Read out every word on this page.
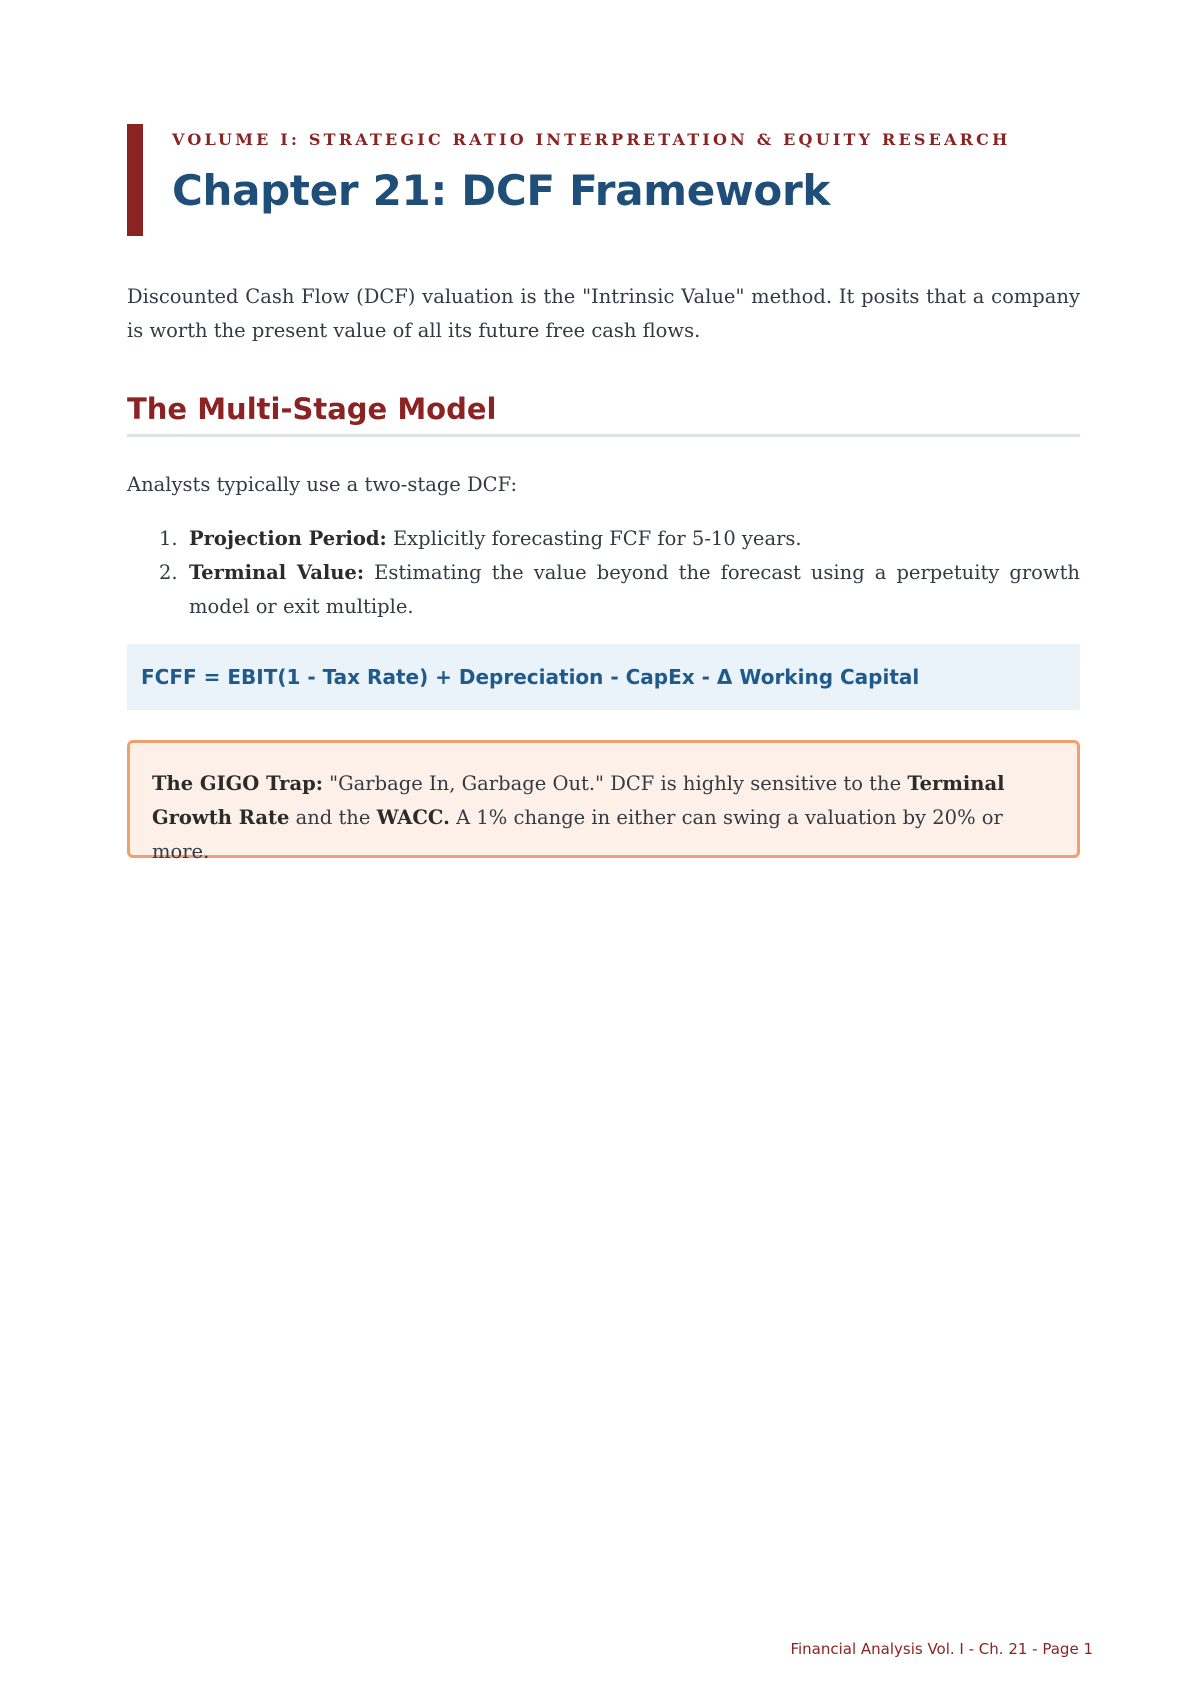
VOLUME I: STRATEGIC RATIO INTERPRETATION & EQUITY RESEARCH
Chapter 21: DCF Framework

Discounted Cash Flow (DCF) valuation is the "Intrinsic Value" method. It posits that a company is worth the present value of all its future free cash flows.

The Multi-Stage Model

Analysts typically use a two-stage DCF:

1. Projection Period: Explicitly forecasting FCF for 5-10 years.
2. Terminal Value: Estimating the value beyond the forecast using a perpetuity growth model or exit multiple.
FCFF = EBIT(1 - Tax Rate) + Depreciation - CapEx - Δ Working Capital

The GIGO Trap: "Garbage In, Garbage Out." DCF is highly sensitive to the Terminal Growth Rate and the WACC. A 1% change in either can swing a valuation by 20% or more.

Financial Analysis Vol. I - Ch. 21 - Page 1
